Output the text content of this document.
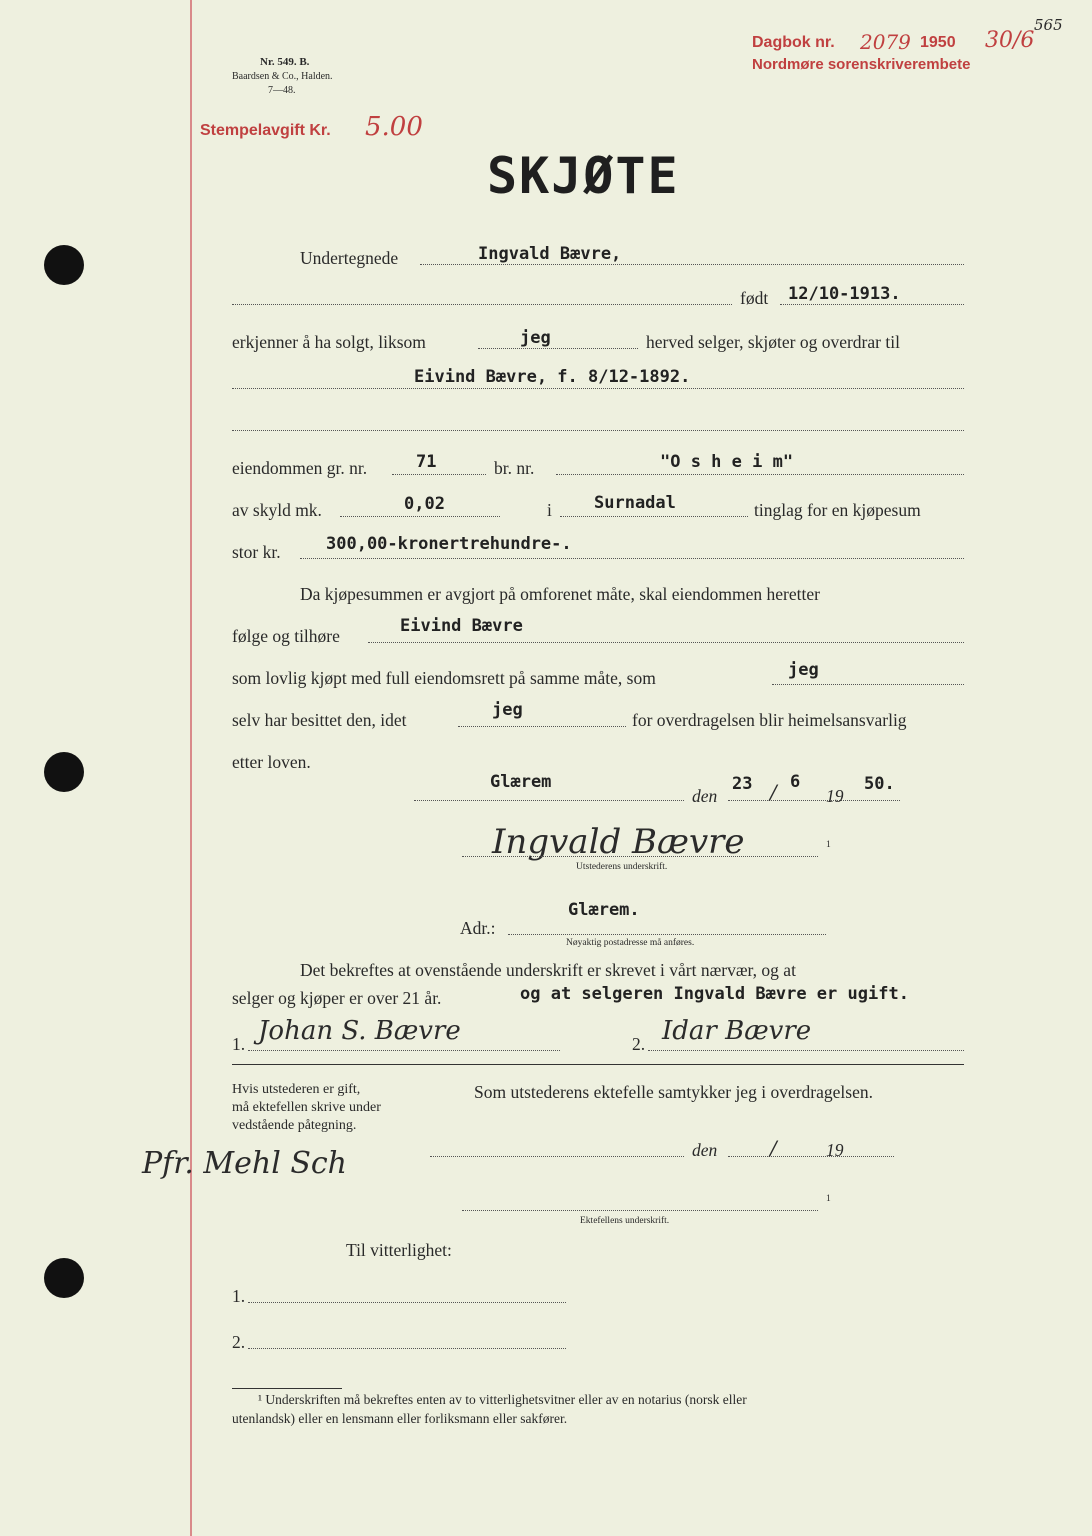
Nr. 549. B.
Baardsen & Co., Halden.
7—48.
Stempelavgift Kr. 5.00
Dagbok nr. 2079 1950 30/6
Nordmøre sorenskriverembete
565
SKJØTE
Undertegnede	Ingvald Bævre,
født 12/10-1913.
erkjenner å ha solgt, liksom	jeg	herved selger, skjøter og overdrar til
Eivind Bævre, f. 8/12-1892.
eiendommen gr. nr.	71	br. nr.	"O s h e i m"
av skyld mk.	0,02	i Surnadal	tinglag for en kjøpesum
stor kr.	300,00-kronertrehundre-.
Da kjøpesummen er avgjort på omforenet måte, skal eiendommen heretter
følge og tilhøre	Eivind Bævre
som lovlig kjøpt med full eiendomsrett på samme måte, som	jeg
selv har besittet den, idet	jeg	for overdragelsen blir heimelsansvarlig
etter loven.
Glærem
den
23 / 6
19
50.
Ingvald Bævre	1
Utstederens underskrift.
Adr.:
Glærem.
Nøyaktig postadresse må anføres.
Det bekreftes at ovenstående underskrift er skrevet i vårt nærvær, og at
selger og kjøper er over 21 år.	og at selgeren Ingvald Bævre er ugift.
1. Johan S. Bævre	2. Idar Bævre
Hvis utstederen er gift,
må ektefellen skrive under
vedstående påtegning.
Som utstederens ektefelle samtykker jeg i overdragelsen.
den	/	19
Pfr. Mehl Sch
1
Ektefellens underskrift.
Til vitterlighet:
1.
2.
¹ Underskriften må bekreftes enten av to vitterlighetsvitner eller av en notarius (norsk eller
utenlandsk) eller en lensmann eller forliksmann eller sakfører.
